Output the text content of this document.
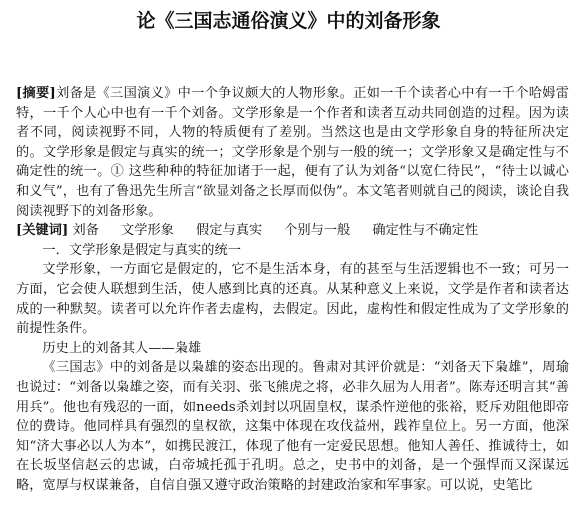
论《三国志通俗演义》中的刘备形象

[摘要]刘备是《三国演义》中一个争议颇大的人物形象。正如一千个读者心中有一千个哈姆雷特，一千个人心中也有一千个刘备。文学形象是一个作者和读者互动共同创造的过程。因为读者不同，阅读视野不同，人物的特质便有了差别。当然这也是由文学形象自身的特征所决定的。文学形象是假定与真实的统一；文学形象是个别与一般的统一；文学形象又是确定性与不确定性的统一。① 这些种种的特征加诸于一起，便有了认为刘备“以宽仁待民”，“待士以诚心和义气”，也有了鲁迅先生所言“欲显刘备之长厚而似伪”。本文笔者则就自己的阅读，谈论自我阅读视野下的刘备形象。

[关键词] 刘备 文学形象 假定与真实 个别与一般 确定性与不确定性

一．文学形象是假定与真实的统一

文学形象，一方面它是假定的，它不是生活本身，有的甚至与生活逻辑也不一致；可另一方面，它会使人联想到生活，使人感到比真的还真。从某种意义上来说，文学是作者和读者达成的一种默契。读者可以允许作者去虚构，去假定。因此，虚构性和假定性成为了文学形象的前提性条件。

历史上的刘备其人——枭雄

《三国志》中的刘备是以枭雄的姿态出现的。鲁肃对其评价就是：“刘备天下枭雄”，周瑜也说过：“刘备以枭雄之姿，而有关羽、张飞熊虎之将，必非久屈为人用者”。陈寿还明言其“善用兵”。他也有残忍的一面，如needs杀刘封以巩固皇权，谋杀忤逆他的张裕，贬斥劝阻他即帝位的费诗。他同样具有强烈的皇权欲，这集中体现在攻伐益州，践祚皇位上。另一方面，他深知“济大事必以人为本”，如携民渡江，体现了他有一定爱民思想。他知人善任、推诚待士，如在长坂坚信赵云的忠诚，白帝城托孤于孔明。总之，史书中的刘备，是一个强悍而又深谋远略，宽厚与权谋兼备，自信自强又遵守政治策略的封建政治家和军事家。可以说，史笔比
